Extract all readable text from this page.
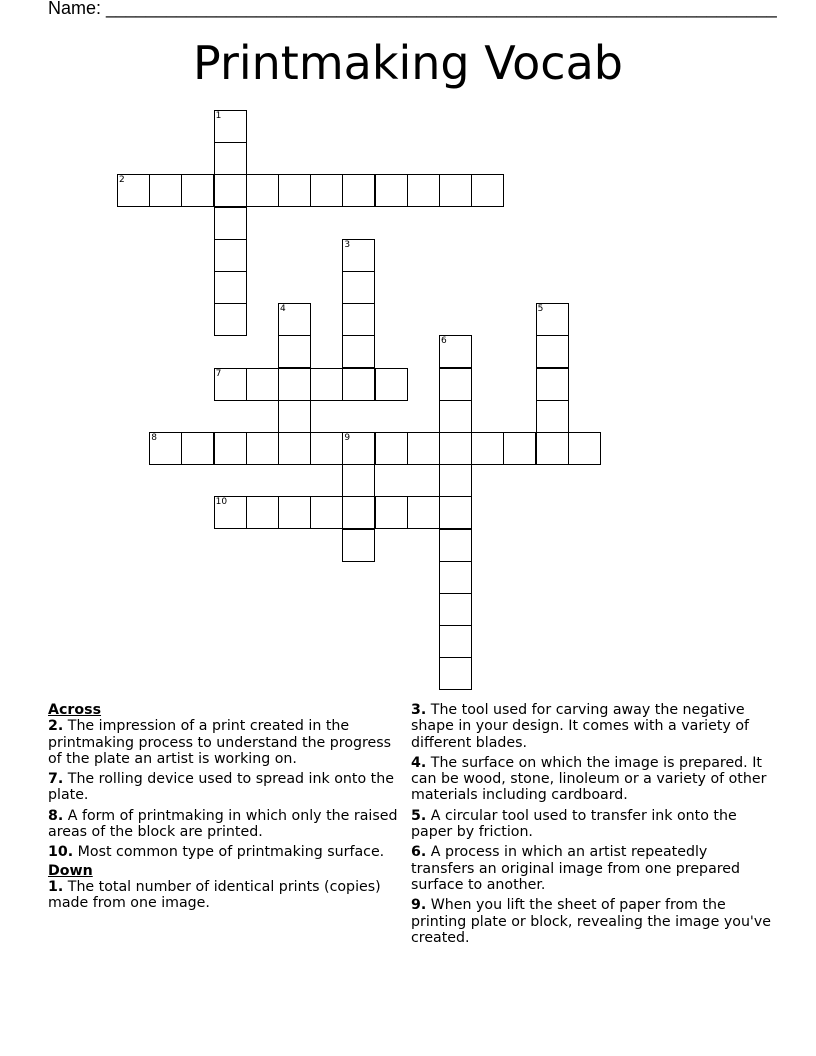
Name: ___________________________________________________________________
Printmaking Vocab
1
2
3
4	5
6
7
8	9
10
Across
2. The impression of a print created in the printmaking process to understand the progress of the plate an artist is working on.
7. The rolling device used to spread ink onto the plate.
8. A form of printmaking in which only the raised areas of the block are printed.
10. Most common type of printmaking surface.
Down
1. The total number of identical prints (copies) made from one image.
3. The tool used for carving away the negative shape in your design. It comes with a variety of different blades.
4. The surface on which the image is prepared. It can be wood, stone, linoleum or a variety of other materials including cardboard.
5. A circular tool used to transfer ink onto the paper by friction.
6. A process in which an artist repeatedly transfers an original image from one prepared surface to another.
9. When you lift the sheet of paper from the printing plate or block, revealing the image you've created.
